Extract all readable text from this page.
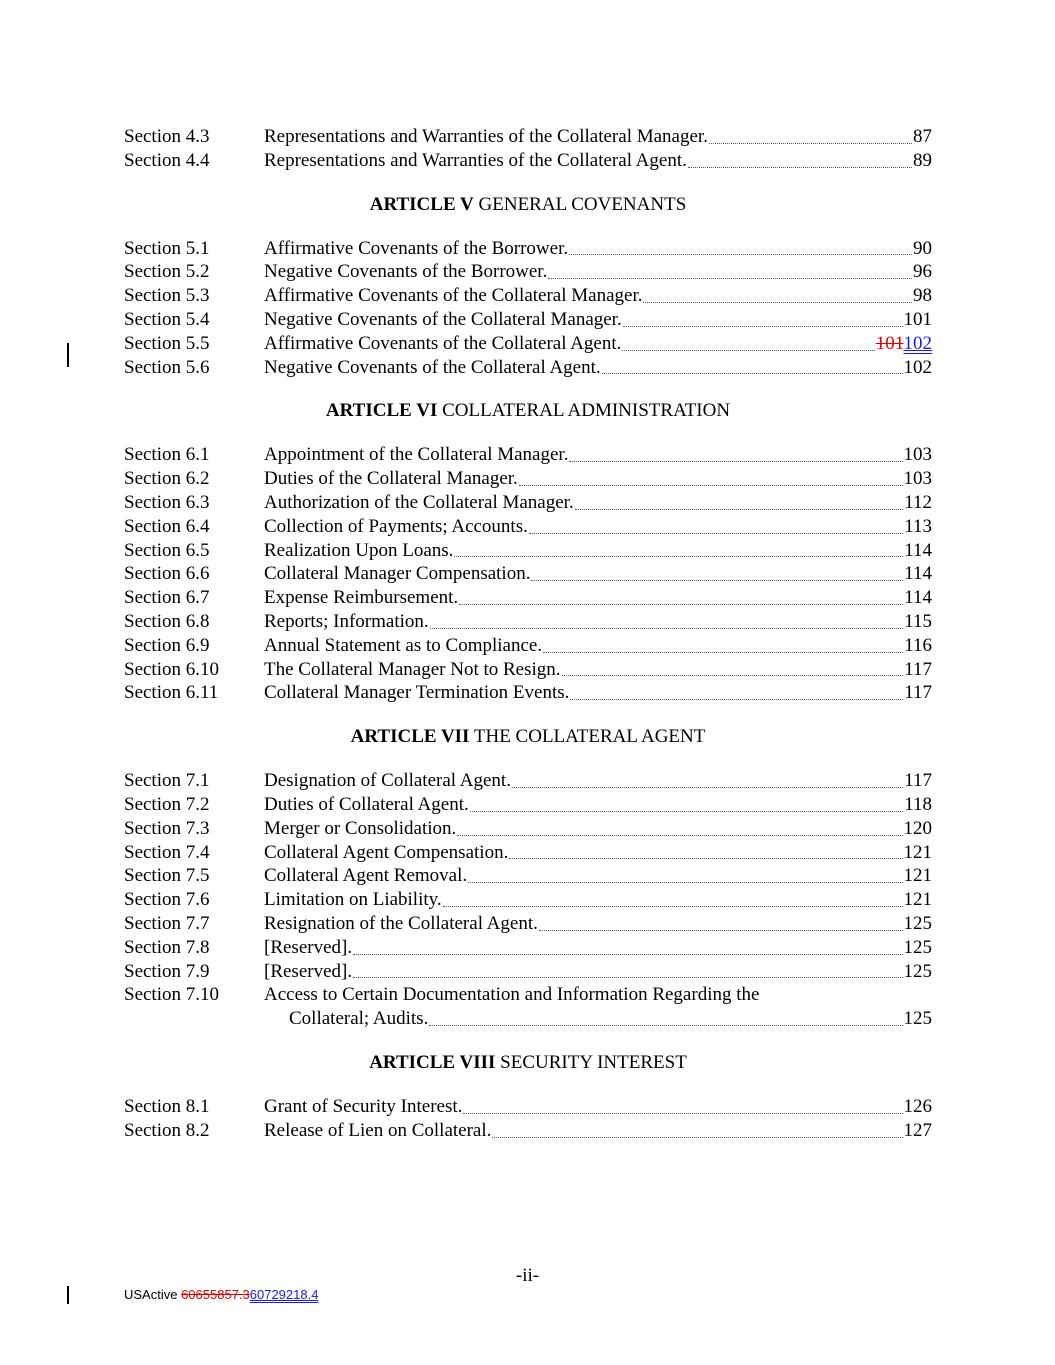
Section 4.3	Representations and Warranties of the Collateral Manager.	87
Section 4.4	Representations and Warranties of the Collateral Agent.	89
ARTICLE V GENERAL COVENANTS
Section 5.1	Affirmative Covenants of the Borrower.	90
Section 5.2	Negative Covenants of the Borrower.	96
Section 5.3	Affirmative Covenants of the Collateral Manager.	98
Section 5.4	Negative Covenants of the Collateral Manager.	101
Section 5.5	Affirmative Covenants of the Collateral Agent.	101102
Section 5.6	Negative Covenants of the Collateral Agent.	102
ARTICLE VI COLLATERAL ADMINISTRATION
Section 6.1	Appointment of the Collateral Manager.	103
Section 6.2	Duties of the Collateral Manager.	103
Section 6.3	Authorization of the Collateral Manager.	112
Section 6.4	Collection of Payments; Accounts.	113
Section 6.5	Realization Upon Loans.	114
Section 6.6	Collateral Manager Compensation.	114
Section 6.7	Expense Reimbursement.	114
Section 6.8	Reports; Information.	115
Section 6.9	Annual Statement as to Compliance.	116
Section 6.10 The Collateral Manager Not to Resign.	117
Section 6.11 Collateral Manager Termination Events.	117
ARTICLE VII THE COLLATERAL AGENT
Section 7.1	Designation of Collateral Agent.	117
Section 7.2	Duties of Collateral Agent.	118
Section 7.3	Merger or Consolidation.	120
Section 7.4	Collateral Agent Compensation.	121
Section 7.5	Collateral Agent Removal.	121
Section 7.6	Limitation on Liability.	121
Section 7.7	Resignation of the Collateral Agent.	125
Section 7.8	[Reserved].	125
Section 7.9	[Reserved].	125
Section 7.10 Access to Certain Documentation and Information Regarding the
Collateral; Audits.	125
ARTICLE VIII SECURITY INTEREST
Section 8.1	Grant of Security Interest.	126
Section 8.2	Release of Lien on Collateral.	127
-ii-
USActive 60655857.360729218.4
